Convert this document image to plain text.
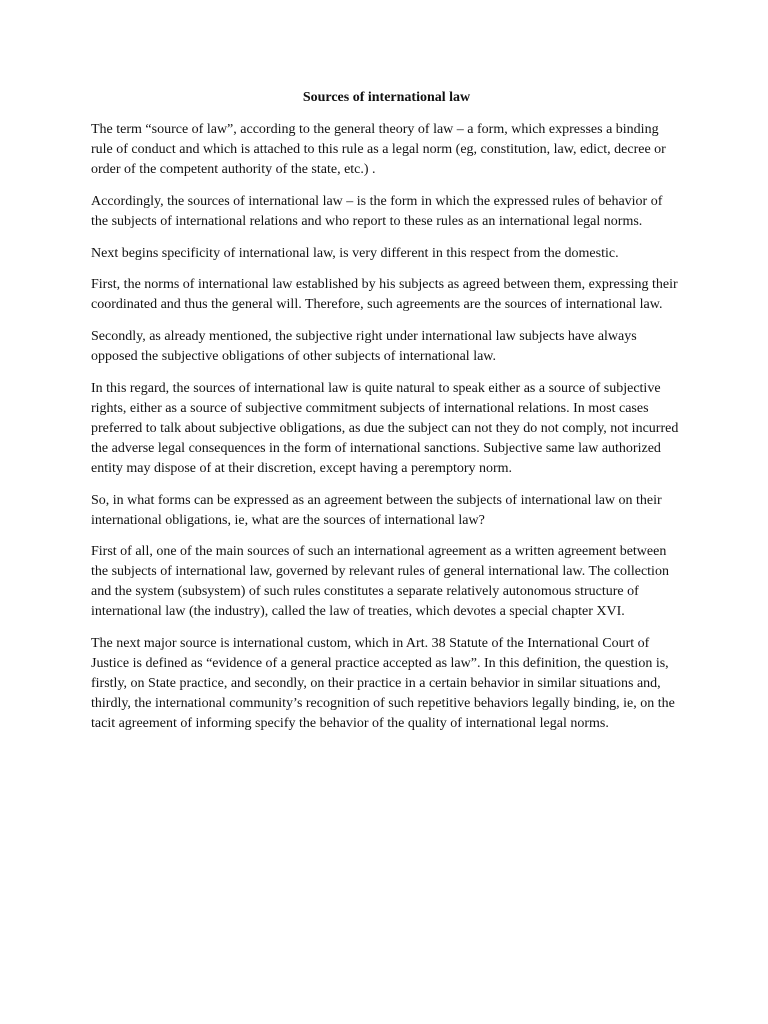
Sources of international law

The term “source of law”, according to the general theory of law – a form, which expresses a binding rule of conduct and which is attached to this rule as a legal norm (eg, constitution, law, edict, decree or order of the competent authority of the state, etc.) .

Accordingly, the sources of international law – is the form in which the expressed rules of behavior of the subjects of international relations and who report to these rules as an international legal norms.

Next begins specificity of international law, is very different in this respect from the domestic.

First, the norms of international law established by his subjects as agreed between them, expressing their coordinated and thus the general will. Therefore, such agreements are the sources of international law.

Secondly, as already mentioned, the subjective right under international law subjects have always opposed the subjective obligations of other subjects of international law.

In this regard, the sources of international law is quite natural to speak either as a source of subjective rights, either as a source of subjective commitment subjects of international relations. In most cases preferred to talk about subjective obligations, as due the subject can not they do not comply, not incurred the adverse legal consequences in the form of international sanctions. Subjective same law authorized entity may dispose of at their discretion, except having a peremptory norm.

So, in what forms can be expressed as an agreement between the subjects of international law on their international obligations, ie, what are the sources of international law?

First of all, one of the main sources of such an international agreement as a written agreement between the subjects of international law, governed by relevant rules of general international law. The collection and the system (subsystem) of such rules constitutes a separate relatively autonomous structure of international law (the industry), called the law of treaties, which devotes a special chapter XVI.

The next major source is international custom, which in Art. 38 Statute of the International Court of Justice is defined as “evidence of a general practice accepted as law”. In this definition, the question is, firstly, on State practice, and secondly, on their practice in a certain behavior in similar situations and, thirdly, the international community’s recognition of such repetitive behaviors legally binding, ie, on the tacit agreement of informing specify the behavior of the quality of international legal norms.
